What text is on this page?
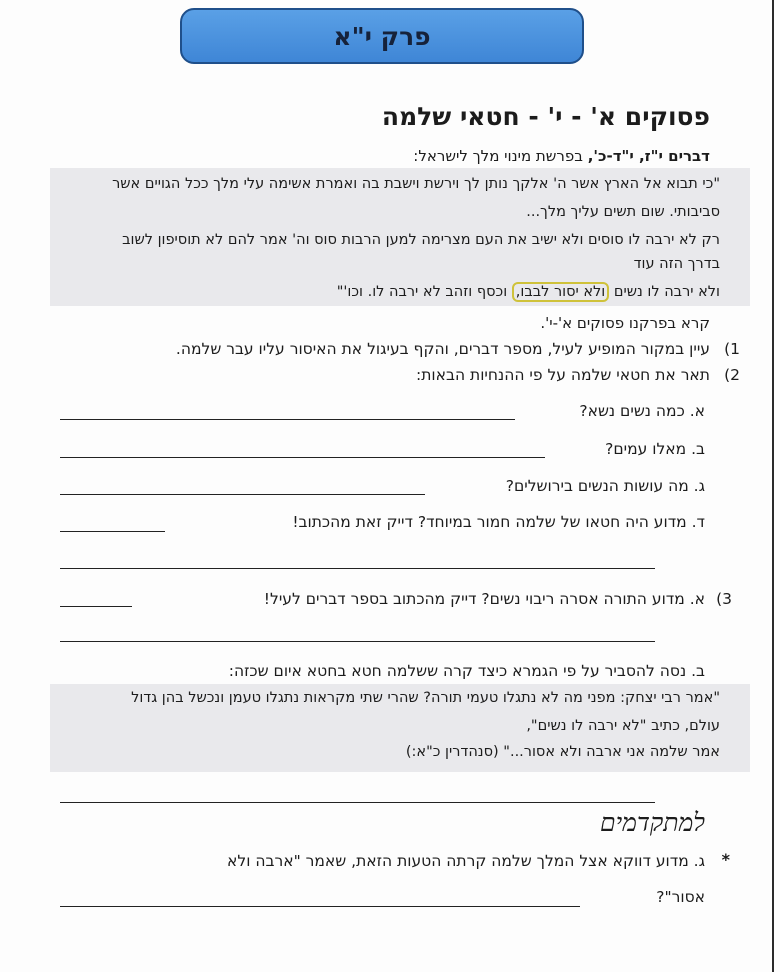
פרק י"א
פסוקים א' - י' - חטאי שלמה
דברים י"ז, י"ד-כ', בפרשת מינוי מלך לישראל:
"כי תבוא אל הארץ אשר ה' אלקך נותן לך וירשת וישבת בה ואמרת אשימה עלי מלך ככל הגויים אשר
סביבותי. שום תשים עליך מלך...
רק לא ירבה לו סוסים ולא ישיב את העם מצרימה למען הרבות סוס וה' אמר להם לא תוסיפון לשוב
בדרך הזה עוד
ולא ירבה לו נשים ולא יסור לבבו, וכסף וזהב לא ירבה לו. וכו'"
קרא בפרקנו פסוקים א'-י'.
1)
עיין במקור המופיע לעיל, מספר דברים, והקף בעיגול את האיסור עליו עבר שלמה.
2)
תאר את חטאי שלמה על פי ההנחיות הבאות:
א. כמה נשים נשא?
ב. מאלו עמים?
ג. מה עושות הנשים בירושלים?
ד. מדוע היה חטאו של שלמה חמור במיוחד? דייק זאת מהכתוב!
3)
א. מדוע התורה אסרה ריבוי נשים? דייק מהכתוב בספר דברים לעיל!
ב. נסה להסביר על פי הגמרא כיצד קרה ששלמה חטא בחטא איום שכזה:
"אמר רבי יצחק: מפני מה לא נתגלו טעמי תורה? שהרי שתי מקראות נתגלו טעמן ונכשל בהן גדול
עולם, כתיב "לא ירבה לו נשים",
אמר שלמה אני ארבה ולא אסור..." (סנהדרין כ"א:)
למתקדמים
*
ג. מדוע דווקא אצל המלך שלמה קרתה הטעות הזאת, שאמר "ארבה ולא
אסור"?
